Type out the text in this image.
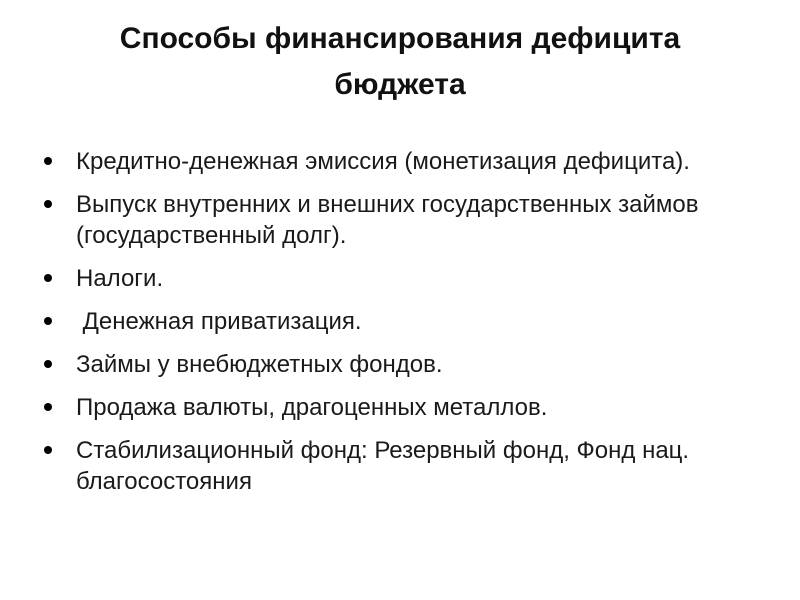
Способы финансирования дефицита бюджета
Кредитно-денежная эмиссия (монетизация дефицита).
Выпуск внутренних и внешних государственных займов (государственный долг).
Налоги.
Денежная приватизация.
Займы у внебюджетных фондов.
Продажа валюты, драгоценных металлов.
Стабилизационный фонд: Резервный фонд, Фонд нац. благосостояния
